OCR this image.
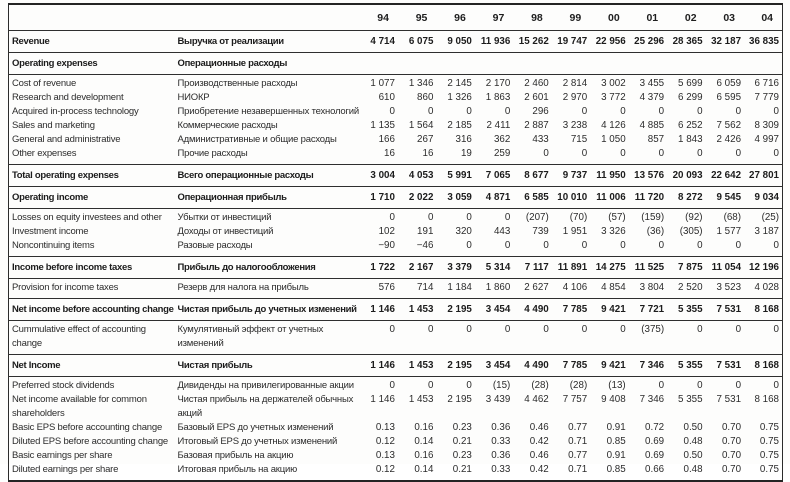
		94	95	96	97	98	99	00	01	02	03	04
Revenue	Выручка от реализации	4 714	6 075	9 050	11 936	15 262	19 747	22 956	25 296	28 365	32 187	36 835
Operating expenses	Операционные расходы											
Cost of revenue	Производственные расходы	1 077	1 346	2 145	2 170	2 460	2 814	3 002	3 455	5 699	6 059	6 716
Research and development	НИОКР	610	860	1 326	1 863	2 601	2 970	3 772	4 379	6 299	6 595	7 779
Acquired in-process technology	Приобретение незавершенных технологий	0	0	0	0	296	0	0	0	0	0	0
Sales and marketing	Коммерческие расходы	1 135	1 564	2 185	2 411	2 887	3 238	4 126	4 885	6 252	7 562	8 309
General and administrative	Административные и общие расходы	166	267	316	362	433	715	1 050	857	1 843	2 426	4 997
Other expenses	Прочие расходы	16	16	19	259	0	0	0	0	0	0	0
Total operating expenses	Всего операционные расходы	3 004	4 053	5 991	7 065	8 677	9 737	11 950	13 576	20 093	22 642	27 801
Operating income	Операционная прибыль	1 710	2 022	3 059	4 871	6 585	10 010	11 006	11 720	8 272	9 545	9 034
Losses on equity investees and other	Убытки от инвестиций	0	0	0	0	(207)	(70)	(57)	(159)	(92)	(68)	(25)
Investment income	Доходы от инвестиций	102	191	320	443	739	1 951	3 326	(36)	(305)	1 577	3 187
Noncontinuing items	Разовые расходы	−90	−46	0	0	0	0	0	0	0	0	0
Income before income taxes	Прибыль до налогообложения	1 722	2 167	3 379	5 314	7 117	11 891	14 275	11 525	7 875	11 054	12 196
Provision for income taxes	Резерв для налога на прибыль	576	714	1 184	1 860	2 627	4 106	4 854	3 804	2 520	3 523	4 028
Net income before accounting change	Чистая прибыль до учетных изменений	1 146	1 453	2 195	3 454	4 490	7 785	9 421	7 721	5 355	7 531	8 168
Cummulative effect of accounting change	Кумулятивный эффект от учетных изменений	0	0	0	0	0	0	0	(375)	0	0	0
Net Income	Чистая прибыль	1 146	1 453	2 195	3 454	4 490	7 785	9 421	7 346	5 355	7 531	8 168
Preferred stock dividends	Дивиденды на привилегированные акции	0	0	0	(15)	(28)	(28)	(13)	0	0	0	0
Net income available for common shareholders	Чистая прибыль на держателей обычных акций	1 146	1 453	2 195	3 439	4 462	7 757	9 408	7 346	5 355	7 531	8 168
Basic EPS before accounting change	Базовый EPS до учетных изменений	0.13	0.16	0.23	0.36	0.46	0.77	0.91	0.72	0.50	0.70	0.75
Diluted EPS before accounting change	Итоговый EPS до учетных изменений	0.12	0.14	0.21	0.33	0.42	0.71	0.85	0.69	0.48	0.70	0.75
Basic earnings per share	Базовая прибыль на акцию	0.13	0.16	0.23	0.36	0.46	0.77	0.91	0.69	0.50	0.70	0.75
Diluted earnings per share	Итоговая прибыль на акцию	0.12	0.14	0.21	0.33	0.42	0.71	0.85	0.66	0.48	0.70	0.75
